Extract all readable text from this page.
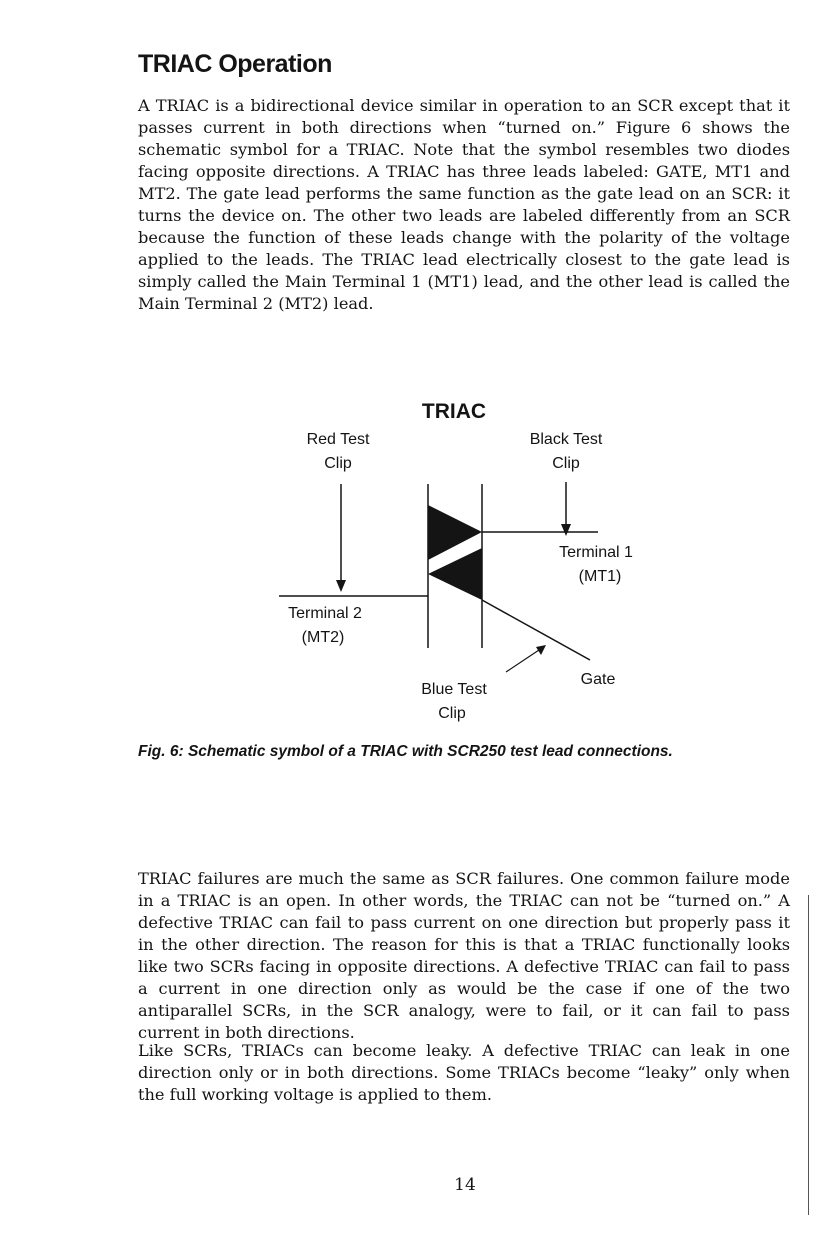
TRIAC Operation

A TRIAC is a bidirectional device similar in operation to an SCR except that it passes current in both directions when “turned on.” Figure 6 shows the schematic symbol for a TRIAC. Note that the symbol resembles two diodes facing opposite directions. A TRIAC has three leads labeled: GATE, MT1 and MT2. The gate lead performs the same function as the gate lead on an SCR: it turns the device on. The other two leads are labeled differently from an SCR because the function of these leads change with the polarity of the voltage applied to the leads. The TRIAC lead electrically closest to the gate lead is simply called the Main Terminal 1 (MT1) lead, and the other lead is called the Main Terminal 2 (MT2) lead.

TRIAC
Red Test
Clip
Black Test
Clip
Terminal 1
(MT1)
Terminal 2
(MT2)
Gate
Blue Test
Clip

Fig. 6: Schematic symbol of a TRIAC with SCR250 test lead connections.

TRIAC failures are much the same as SCR failures. One common failure mode in a TRIAC is an open. In other words, the TRIAC can not be “turned on.” A defective TRIAC can fail to pass current on one direction but properly pass it in the other direction. The reason for this is that a TRIAC functionally looks like two SCRs facing in opposite directions. A defective TRIAC can fail to pass a current in one direction only as would be the case if one of the two antiparallel SCRs, in the SCR analogy, were to fail, or it can fail to pass current in both directions.

Like SCRs, TRIACs can become leaky. A defective TRIAC can leak in one direction only or in both directions. Some TRIACs become “leaky” only when the full working voltage is applied to them.

14
